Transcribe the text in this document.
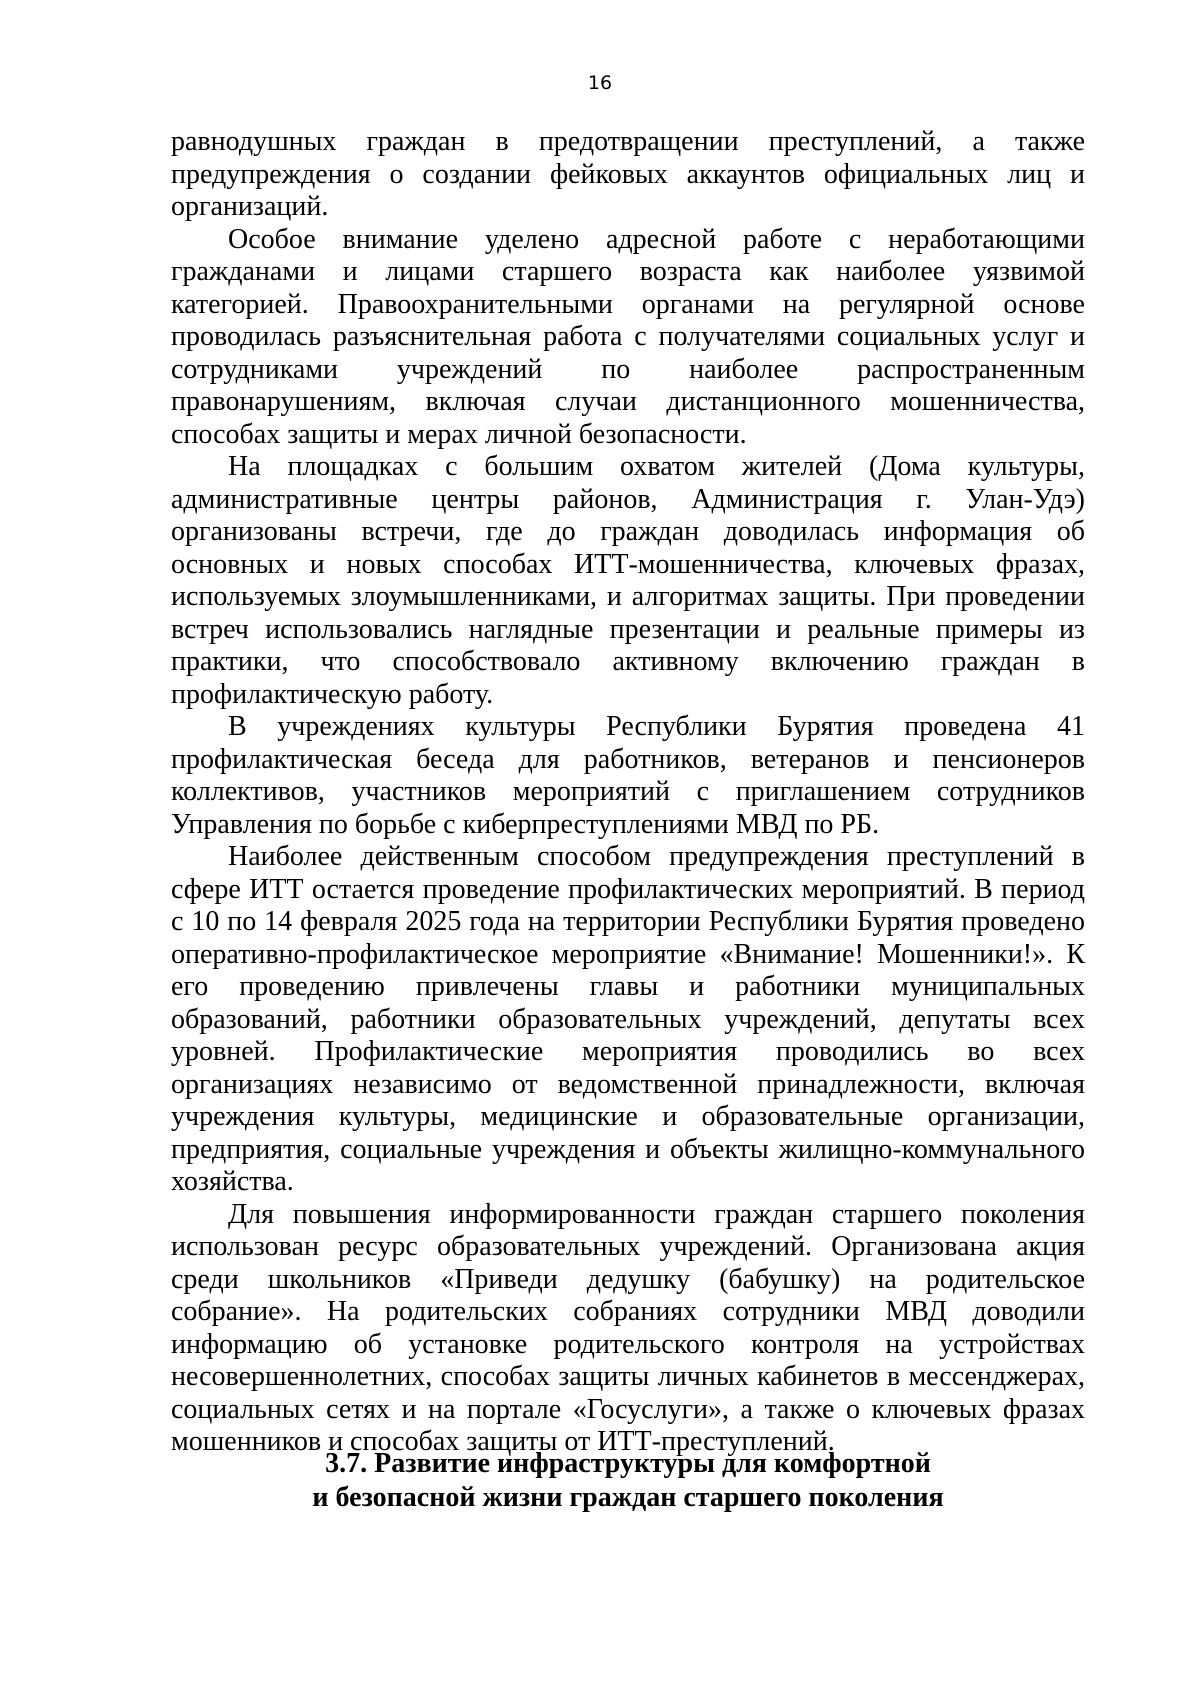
16

равнодушных граждан в предотвращении преступлений, а также предупреждения о создании фейковых аккаунтов официальных лиц и организаций.

Особое внимание уделено адресной работе с неработающими гражданами и лицами старшего возраста как наиболее уязвимой категорией. Правоохранительными органами на регулярной основе проводилась разъяснительная работа с получателями социальных услуг и сотрудниками учреждений по наиболее распространенным правонарушениям, включая случаи дистанционного мошенничества, способах защиты и мерах личной безопасности.

На площадках с большим охватом жителей (Дома культуры, административные центры районов, Администрация г. Улан-Удэ) организованы встречи, где до граждан доводилась информация об основных и новых способах ИТТ-мошенничества, ключевых фразах, используемых злоумышленниками, и алгоритмах защиты. При проведении встреч использовались наглядные презентации и реальные примеры из практики, что способствовало активному включению граждан в профилактическую работу.

В учреждениях культуры Республики Бурятия проведена 41 профилактическая беседа для работников, ветеранов и пенсионеров коллективов, участников мероприятий с приглашением сотрудников Управления по борьбе с киберпреступлениями МВД по РБ.

Наиболее действенным способом предупреждения преступлений в сфере ИТТ остается проведение профилактических мероприятий. В период с 10 по 14 февраля 2025 года на территории Республики Бурятия проведено оперативно-профилактическое мероприятие «Внимание! Мошенники!». К его проведению привлечены главы и работники муниципальных образований, работники образовательных учреждений, депутаты всех уровней. Профилактические мероприятия проводились во всех организациях независимо от ведомственной принадлежности, включая учреждения культуры, медицинские и образовательные организации, предприятия, социальные учреждения и объекты жилищно-коммунального хозяйства.

Для повышения информированности граждан старшего поколения использован ресурс образовательных учреждений. Организована акция среди школьников «Приведи дедушку (бабушку) на родительское собрание». На родительских собраниях сотрудники МВД доводили информацию об установке родительского контроля на устройствах несовершеннолетних, способах защиты личных кабинетов в мессенджерах, социальных сетях и на портале «Госуслуги», а также о ключевых фразах мошенников и способах защиты от ИТТ-преступлений.

3.7. Развитие инфраструктуры для комфортной
и безопасной жизни граждан старшего поколения
